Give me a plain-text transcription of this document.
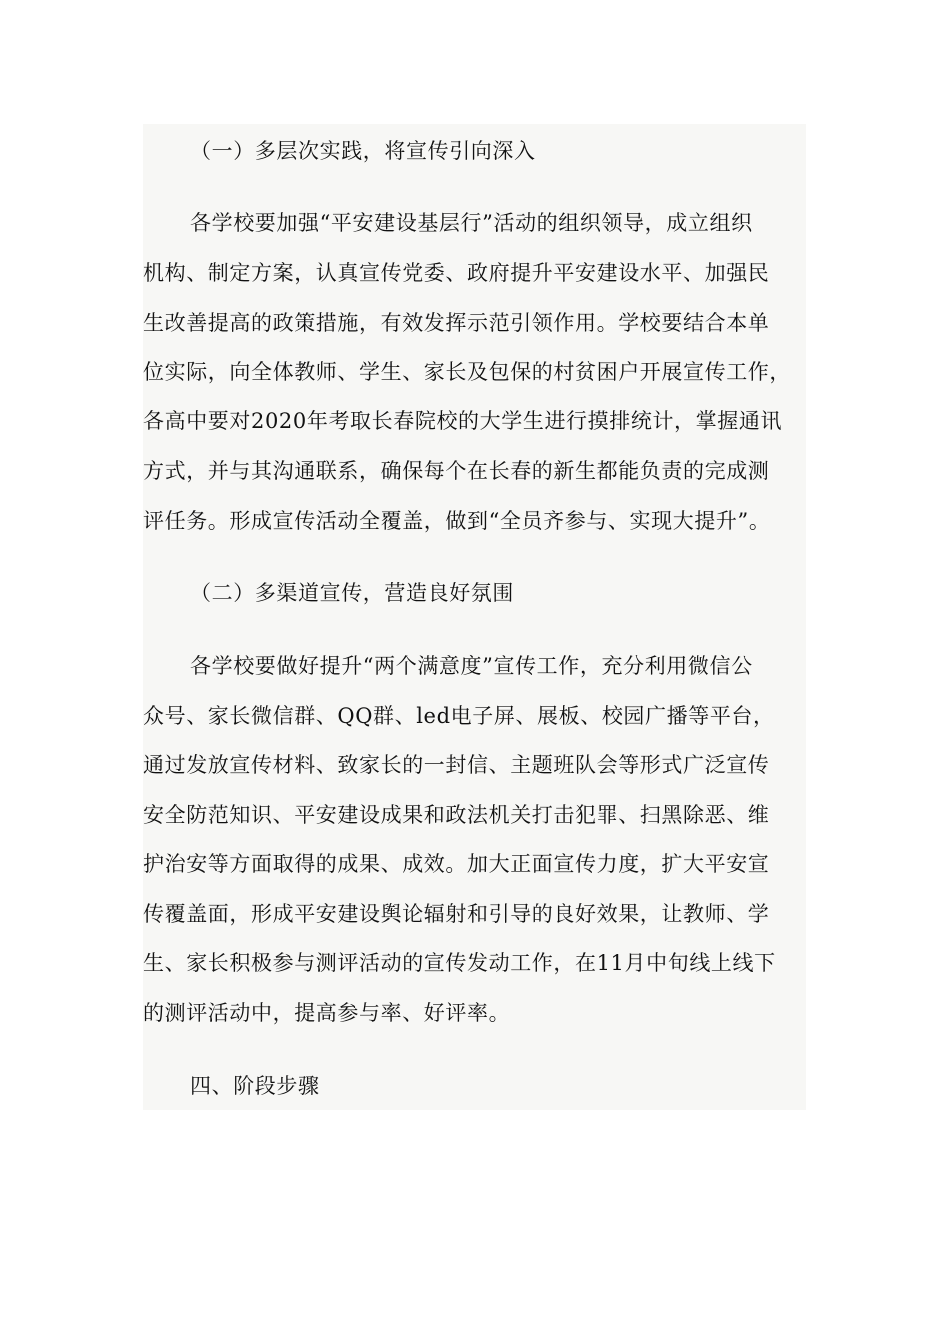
（一）多层次实践，将宣传引向深入
各学校要加强“平安建设基层行”活动的组织领导，成立组织
机构、制定方案，认真宣传党委、政府提升平安建设水平、加强民
生改善提高的政策措施，有效发挥示范引领作用。学校要结合本单
位实际，向全体教师、学生、家长及包保的村贫困户开展宣传工作，
各高中要对2020年考取长春院校的大学生进行摸排统计，掌握通讯
方式，并与其沟通联系，确保每个在长春的新生都能负责的完成测
评任务。形成宣传活动全覆盖，做到“全员齐参与、实现大提升”。
（二）多渠道宣传，营造良好氛围
各学校要做好提升“两个满意度”宣传工作，充分利用微信公
众号、家长微信群、QQ群、led电子屏、展板、校园广播等平台，
通过发放宣传材料、致家长的一封信、主题班队会等形式广泛宣传
安全防范知识、平安建设成果和政法机关打击犯罪、扫黑除恶、维
护治安等方面取得的成果、成效。加大正面宣传力度，扩大平安宣
传覆盖面，形成平安建设舆论辐射和引导的良好效果，让教师、学
生、家长积极参与测评活动的宣传发动工作，在11月中旬线上线下
的测评活动中，提高参与率、好评率。
四、阶段步骤
